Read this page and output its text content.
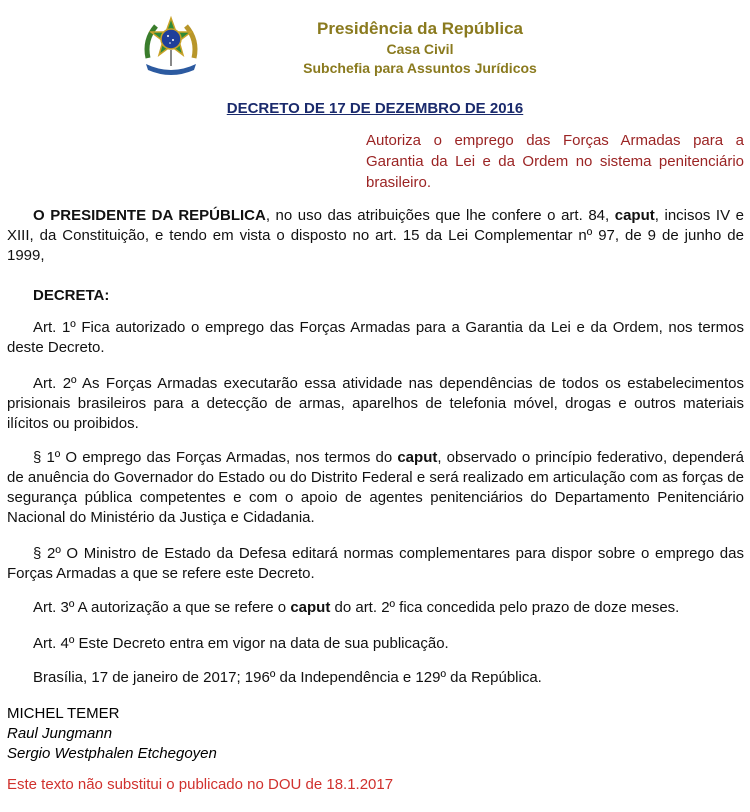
Presidência da República
Casa Civil
Subchefia para Assuntos Jurídicos
DECRETO DE 17 DE DEZEMBRO DE 2016
Autoriza o emprego das Forças Armadas para a Garantia da Lei e da Ordem no sistema penitenciário brasileiro.

O PRESIDENTE DA REPÚBLICA, no uso das atribuições que lhe confere o art. 84, caput, incisos IV e XIII, da Constituição, e tendo em vista o disposto no art. 15 da Lei Complementar nº 97, de 9 de junho de 1999,

DECRETA:

Art. 1º Fica autorizado o emprego das Forças Armadas para a Garantia da Lei e da Ordem, nos termos deste Decreto.

Art. 2º As Forças Armadas executarão essa atividade nas dependências de todos os estabelecimentos prisionais brasileiros para a detecção de armas, aparelhos de telefonia móvel, drogas e outros materiais ilícitos ou proibidos.

§ 1º O emprego das Forças Armadas, nos termos do caput, observado o princípio federativo, dependerá de anuência do Governador do Estado ou do Distrito Federal e será realizado em articulação com as forças de segurança pública competentes e com o apoio de agentes penitenciários do Departamento Penitenciário Nacional do Ministério da Justiça e Cidadania.

§ 2º O Ministro de Estado da Defesa editará normas complementares para dispor sobre o emprego das Forças Armadas a que se refere este Decreto.

Art. 3º A autorização a que se refere o caput do art. 2º fica concedida pelo prazo de doze meses.

Art. 4º Este Decreto entra em vigor na data de sua publicação.

Brasília, 17 de janeiro de 2017; 196º da Independência e 129º da República.

MICHEL TEMER
Raul Jungmann
Sergio Westphalen Etchegoyen
Este texto não substitui o publicado no DOU de 18.1.2017
